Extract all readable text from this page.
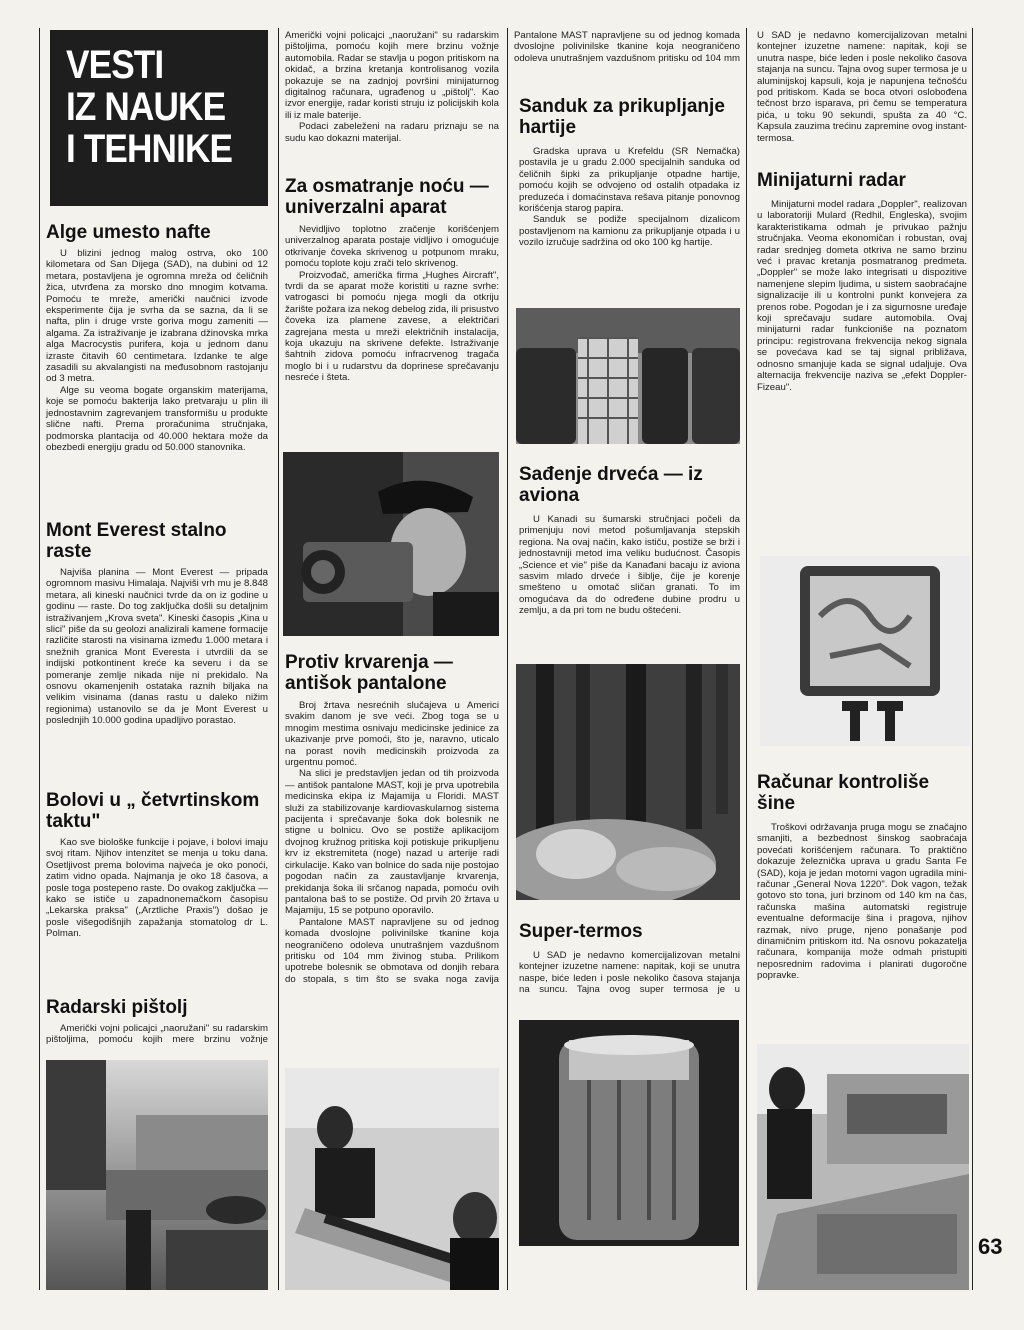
VESTI
IZ NAUKE
I TEHNIKE
Alge umesto nafte

U blizini jednog malog ostrva, oko 100 kilometara od San Dijega (SAD), na dubini od 12 metara, postavljena je ogromna mreža od čeličnih žica, utvrđena za morsko dno mnogim kotvama. Pomoću te mreže, američki naučnici izvode eksperimente čija je svrha da se sazna, da li se nafta, plin i druge vrste goriva mogu zameniti — algama. Za istraživanje je izabrana džinovska mrka alga Macrocystis purifera, koja u jednom danu izraste čitavih 60 centimetara. Izdanke te alge zasadili su akvalangisti na međusobnom rastojanju od 3 metra.

Alge su veoma bogate organskim materijama, koje se pomoću bakterija lako pretvaraju u plin ili jednostavnim zagrevanjem transformišu u produkte slične nafti. Prema proračunima stručnjaka, podmorska plantacija od 40.000 hektara može da obezbedi energiju gradu od 50.000 stanovnika.

Mont Everest stalno raste

Najviša planina — Mont Everest — pripada ogromnom masivu Himalaja. Najviši vrh mu je 8.848 metara, ali kineski naučnici tvrde da on iz godine u godinu — raste. Do tog zaključka došli su detaljnim istraživanjem „Krova sveta". Kineski časopis „Kina u slici" piše da su geolozi analizirali kamene formacije različite starosti na visinama između 1.000 metara i snežnih granica Mont Everesta i utvrdili da se indijski potkontinent kreće ka severu i da se pomeranje zemlje nikada nije ni prekidalo. Na osnovu okamenjenih ostataka raznih biljaka na velikim visinama (danas rastu u daleko nižim regionima) ustanovilo se da je Mont Everest u poslednjih 10.000 godina upadljivo porastao.

Bolovi u „ četvrtinskom taktu"

Kao sve biološke funkcije i pojave, i bolovi imaju svoj ritam. Njihov intenzitet se menja u toku dana. Osetljivost prema bolovima najveća je oko ponoći, zatim vidno opada. Najmanja je oko 18 časova, a posle toga postepeno raste. Do ovakog zaključka — kako se ističe u zapadnonemačkom časopisu „Lekarska praksa" („Arztliche Praxis") došao je posle višegodišnjih zapažanja stomatolog dr L. Polman.

Radarski pištolj

Američki vojni policajci „naoružani" su radarskim pištoljima, pomoću kojih mere brzinu vožnje

Američki vojni policajci „naoružani" su radarskim pištoljima, pomoću kojih mere brzinu vožnje automobila. Radar se stavlja u pogon pritiskom na okidač, a brzina kretanja kontrolisanog vozila pokazuje se na zadnjoj površini minijaturnog digitalnog računara, ugrađenog u „pištolj". Kao izvor energije, radar koristi struju iz policijskih kola ili iz male baterije.

Podaci zabeleženi na radaru priznaju se na sudu kao dokazni materijal.

Za osmatranje noću — univerzalni aparat

Nevidljivo toplotno zračenje korišćenjem univerzalnog aparata postaje vidljivo i omogućuje otkrivanje čoveka skrivenog u potpunom mraku, pomoću toplote koju zrači telo skrivenog.

Proizvođač, američka firma „Hughes Aircraft", tvrdi da se aparat može koristiti u razne svrhe: vatrogasci bi pomoću njega mogli da otkriju žarište požara iza nekog debelog zida, ili prisustvo čoveka iza plamene zavese, a električari zagrejana mesta u mreži električnih instalacija, koja ukazuju na skrivene defekte. Istraživanje šahtnih zidova pomoću infracrvenog tragača moglo bi i u rudarstvu da doprinese sprečavanju nesreće i šteta.

Protiv krvarenja — antišok pantalone

Broj žrtava nesrećnih slučajeva u Americi svakim danom je sve veći. Zbog toga se u mnogim mestima osnivaju medicinske jedinice za ukazivanje prve pomoći, što je, naravno, uticalo na porast novih medicinskih proizvoda za urgentnu pomoć.

Na slici je predstavljen jedan od tih proizvoda — antišok pantalone MAST, koji je prva upotrebila medicinska ekipa iz Majamija u Floridi. MAST služi za stabilizovanje kardiovaskularnog sistema pacijenta i sprečavanje šoka dok bolesnik ne stigne u bolnicu. Ovo se postiže aplikacijom dvojnog kružnog pritiska koji potiskuje prikupljenu krv iz ekstremiteta (noge) nazad u arterije radi cirkulacije. Kako van bolnice do sada nije postojao pogodan način za zaustavljanje krvarenja, prekidanja šoka ili srčanog napada, pomoću ovih pantalona baš to se postiže. Od prvih 20 žrtava u Majamiju, 15 se potpuno oporavilo.

Pantalone MAST napravljene su od jednog komada dvoslojne polivinilske tkanine koja neograničeno odoleva unutrašnjem vazdušnom pritisku od 104 mm živinog stuba. Prilikom upotrebe bolesnik se obmotava od donjih rebara do stopala, s tim što se svaka noga zavija

Pantalone MAST napravljene su od jednog komada dvoslojne polivinilske tkanine koja neograničeno odoleva unutrašnjem vazdušnom pritisku od 104 mm

Sanduk za prikupljanje hartije

Gradska uprava u Krefeldu (SR Nemačka) postavila je u gradu 2.000 specijalnih sanduka od čeličnih šipki za prikupljanje otpadne hartije, pomoću kojih se odvojeno od ostalih otpadaka iz preduzeća i domaćinstava rešava pitanje ponovnog korišćenja starog papira.

Sanduk se podiže specijalnom dizalicom postavljenom na kamionu za prikupljanje otpada i u vozilo izručuje sadržina od oko 100 kg hartije.

Sađenje drveća — iz aviona

U Kanadi su šumarski stručnjaci počeli da primenjuju novi metod pošumljavanja stepskih regiona. Na ovaj način, kako ističu, postiže se brži i jednostavniji metod ima veliku budućnost. Časopis „Science et vie" piše da Kanađani bacaju iz aviona sasvim mlado drveće i šiblje, čije je korenje smešteno u omotač sličan granati. To im omogućava da do određene dubine prodru u zemlju, a da pri tom ne budu oštećeni.

Super-termos

U SAD je nedavno komercijalizovan metalni kontejner izuzetne namene: napitak, koji se unutra naspe, biće leden i posle nekoliko časova stajanja na suncu. Tajna ovog super termosa je u

U SAD je nedavno komercijalizovan metalni kontejner izuzetne namene: napitak, koji se unutra naspe, biće leden i posle nekoliko časova stajanja na suncu. Tajna ovog super termosa je u aluminijskoj kapsuli, koja je napunjena tečnošću pod pritiskom. Kada se boca otvori oslobođena tečnost brzo isparava, pri čemu se temperatura pića, u toku 90 sekundi, spušta za 40 °C. Kapsula zauzima trećinu zapremine ovog instant-termosa.

Minijaturni radar

Minijaturni model radara „Doppler", realizovan u laboratoriji Mulard (Redhil, Engleska), svojim karakteristikama odmah je privukao pažnju stručnjaka. Veoma ekonomičan i robustan, ovaj radar srednjeg dometa otkriva ne samo brzinu već i pravac kretanja posmatranog predmeta. „Doppler" se može lako integrisati u dispozitive namenjene slepim ljudima, u sistem saobraćajne signalizacije ili u kontrolni punkt konvejera za prenos robe. Pogodan je i za sigurnosne uređaje koji sprečavaju sudare automobila. Ovaj minijaturni radar funkcioniše na poznatom principu: registrovana frekvencija nekog signala se povećava kad se taj signal približava, odnosno smanjuje kada se signal udaljuje. Ova alternacija frekvencije naziva se „efekt Doppler-Fizeau".

Računar kontroliše šine

Troškovi održavanja pruga mogu se značajno smanjiti, a bezbednost šinskog saobraćaja povećati korišćenjem računara. To praktično dokazuje železnička uprava u gradu Santa Fe (SAD), koja je jedan motorni vagon ugradila mini-računar „General Nova 1220". Dok vagon, težak gotovo sto tona, juri brzinom od 140 km na čas, računska mašina automatski registruje eventualne deformacije šina i pragova, njihov razmak, nivo pruge, njeno ponašanje pod dinamičnim pritiskom itd. Na osnovu pokazatelja računara, kompanija može odmah pristupiti neposrednim radovima i planirati dugoročne popravke.

63
